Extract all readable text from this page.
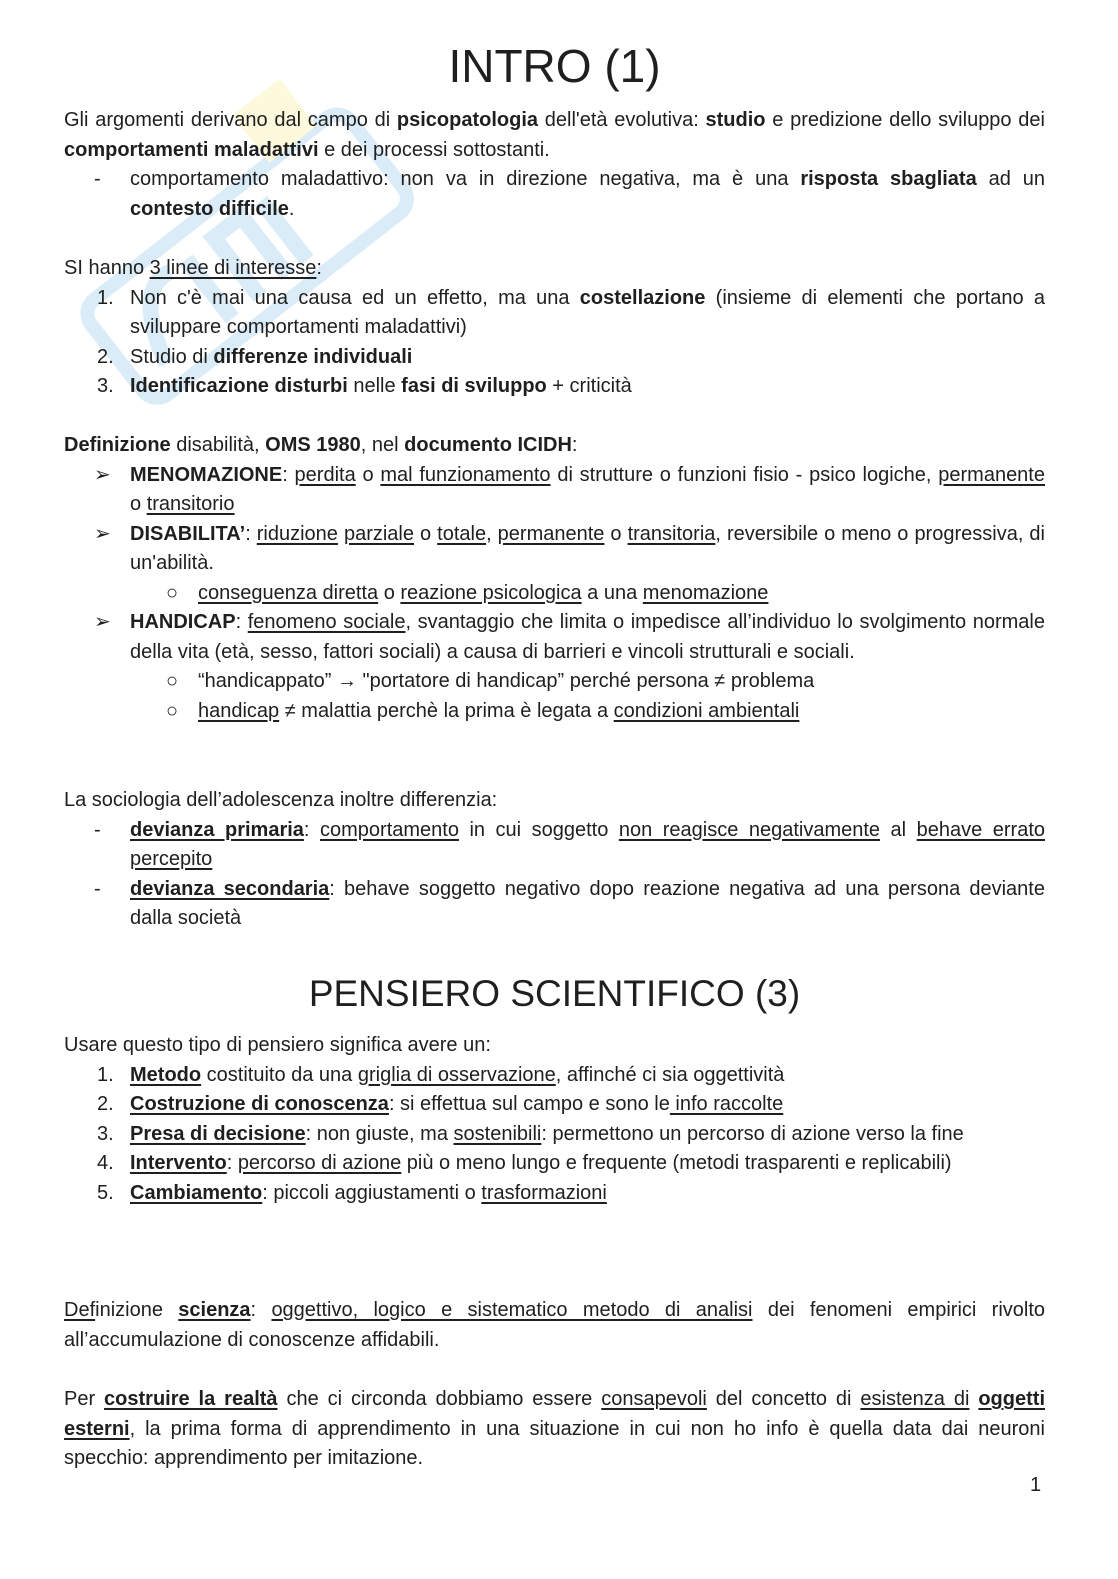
INTRO (1)

Gli argomenti derivano dal campo di psicopatologia dell'età evolutiva: studio e predizione dello sviluppo dei comportamenti maladattivi e dei processi sottostanti.

- comportamento maladattivo: non va in direzione negativa, ma è una risposta sbagliata ad un contesto difficile.

SI hanno 3 linee di interesse:

1. Non c'è mai una causa ed un effetto, ma una costellazione (insieme di elementi che portano a sviluppare comportamenti maladattivi)
2. Studio di differenze individuali
3. Identificazione disturbi nelle fasi di sviluppo + criticità

Definizione disabilità, OMS 1980, nel documento ICIDH:

➢ MENOMAZIONE: perdita o mal funzionamento di strutture o funzioni fisio - psico logiche, permanente o transitorio
➢ DISABILITA’: riduzione parziale o totale, permanente o transitoria, reversibile o meno o progressiva, di un'abilità.
○ conseguenza diretta o reazione psicologica a una menomazione
➢ HANDICAP: fenomeno sociale, svantaggio che limita o impedisce all’individuo lo svolgimento normale della vita (età, sesso, fattori sociali) a causa di barrieri e vincoli strutturali e sociali.
○ “handicappato” → "portatore di handicap” perché persona ≠ problema
○ handicap ≠ malattia perchè la prima è legata a condizioni ambientali

La sociologia dell’adolescenza inoltre differenzia:

- devianza primaria: comportamento in cui soggetto non reagisce negativamente al behave errato percepito
- devianza secondaria: behave soggetto negativo dopo reazione negativa ad una persona deviante dalla società
PENSIERO SCIENTIFICO (3)

Usare questo tipo di pensiero significa avere un:

1. Metodo costituito da una griglia di osservazione, affinché ci sia oggettività
2. Costruzione di conoscenza: si effettua sul campo e sono le info raccolte
3. Presa di decisione: non giuste, ma sostenibili: permettono un percorso di azione verso la fine
4. Intervento: percorso di azione più o meno lungo e frequente (metodi trasparenti e replicabili)
5. Cambiamento: piccoli aggiustamenti o trasformazioni

Definizione scienza: oggettivo, logico e sistematico metodo di analisi dei fenomeni empirici rivolto all’accumulazione di conoscenze affidabili.

Per costruire la realtà che ci circonda dobbiamo essere consapevoli del concetto di esistenza di oggetti esterni, la prima forma di apprendimento in una situazione in cui non ho info è quella data dai neuroni specchio: apprendimento per imitazione.

1
